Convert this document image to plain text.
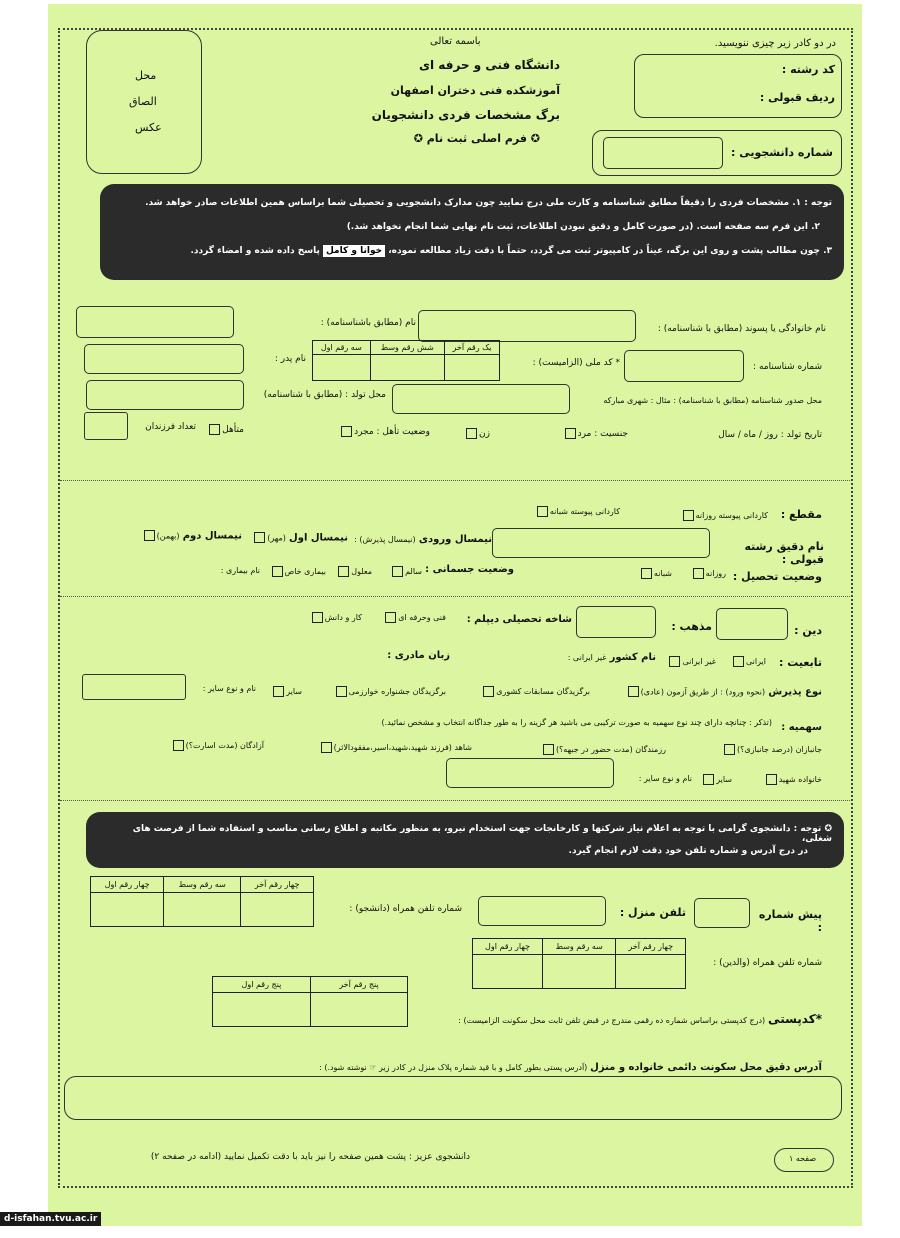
باسمه تعالی	در دو کادر زیر چیزی ننویسید.
محل
الصاق
عکس
دانشگاه فنی و حرفه ای
آموزشکده فنی دختران اصفهان
برگ مشخصات فردی دانشجویان
✪ فرم اصلی ثبت نام ✪
کد رشته :
ردیف قبولی :
شماره دانشجویی :
توجه : ۱. مشخصات فردی را دقیقاً مطابق شناسنامه و کارت ملی درج نمایید چون مدارک دانشجویی و تحصیلی شما براساس همین اطلاعات صادر خواهد شد.
۲. این فرم سه صفحه است. (در صورت کامل و دقیق نبودن اطلاعات، ثبت نام نهایی شما انجام نخواهد شد.)
۳. چون مطالب پشت و روی این برگه، عیناً در کامپیوتر ثبت می گردد، حتماً با دقت زیاد مطالعه نموده، خوانا و کامل پاسخ داده شده و امضاء گردد.
نام خانوادگی یا پسوند (مطابق با شناسنامه) :
نام (مطابق باشناسنامه) :
شماره شناسنامه :
* کد ملی (الزامیست) :
سه رقم اول	شش رقم وسط	یک رقم آخر

نام پدر :
محل صدور شناسنامه (مطابق با شناسنامه) : مثال : شهری مبارکه
محل تولد : (مطابق با شناسنامه)
تاریخ تولد : روز / ماه / سال
جنسیت : مرد
زن
وضعیت تأهل : مجرد
متأهل
تعداد فرزندان
مقطع :
کاردانی پیوسته روزانه
کاردانی پیوسته شبانه
نام دقیق رشته قبولی :
نیمسال ورودی (نیمسال پذیرش) :
نیمسال اول (مهر)
نیمسال دوم (بهمن)
وضعیت تحصیل :
روزانه
شبانه
وضعیت جسمانی :
سالم
معلول
بیماری خاص
نام بیماری :
دین :
مذهب :
شاخه تحصیلی دیپلم :
فنی وحرفه ای
کار و دانش
تابعیت :
ایرانی
غیر ایرانی
نام کشور غیر ایرانی :
زبان مادری :
نوع پذیرش (نحوه ورود) : از طریق آزمون (عادی)
برگزیدگان مسابقات کشوری
برگزیدگان جشنواره خوارزمی
سایر
نام و نوع سایر :
سهمیه :
(تذکر : چنانچه دارای چند نوع سهمیه به صورت ترکیبی می باشید هر گزینه را به طور جداگانه انتخاب و مشخص نمائید.)
جانبازان (درصد جانبازی؟)
رزمندگان (مدت حضور در جبهه؟)
شاهد (فرزند شهید،شهید،اسیر،مفقودالاثر)
آزادگان (مدت اسارت؟)
خانواده شهید
سایر
نام و نوع سایر :
✪ توجه : دانشجوی گرامی با توجه به اعلام نیاز شرکتها و کارخانجات جهت استخدام نیرو، به منظور مکاتبه و اطلاع رسانی مناسب و استفاده شما از فرصت های شغلی،
در درج آدرس و شماره تلفن خود دقت لازم انجام گیرد.
چهار رقم اول	سه رقم وسط	چهار رقم آخر

شماره تلفن همراه (دانشجو) :	تلفن منزل :	پیش شماره :
چهار رقم اول	سه رقم وسط	چهار رقم آخر

شماره تلفن همراه (والدین) :
پنج رقم اول	پنج رقم آخر

*کدپستی (درج کدپستی براساس شماره ده رقمی مندرج در قبض تلفن ثابت محل سکونت الزامیست) :
آدرس دقیق محل سکونت دائمی خانواده و منزل (آدرس پستی بطور کامل و با قید شماره پلاک منزل در کادر زیر ☞ نوشته شود.) :
دانشجوی عزیز : پشت همین صفحه را نیز باید با دقت تکمیل نمایید (ادامه در صفحه ۲)	صفحه ۱
d-isfahan.tvu.ac.ir
